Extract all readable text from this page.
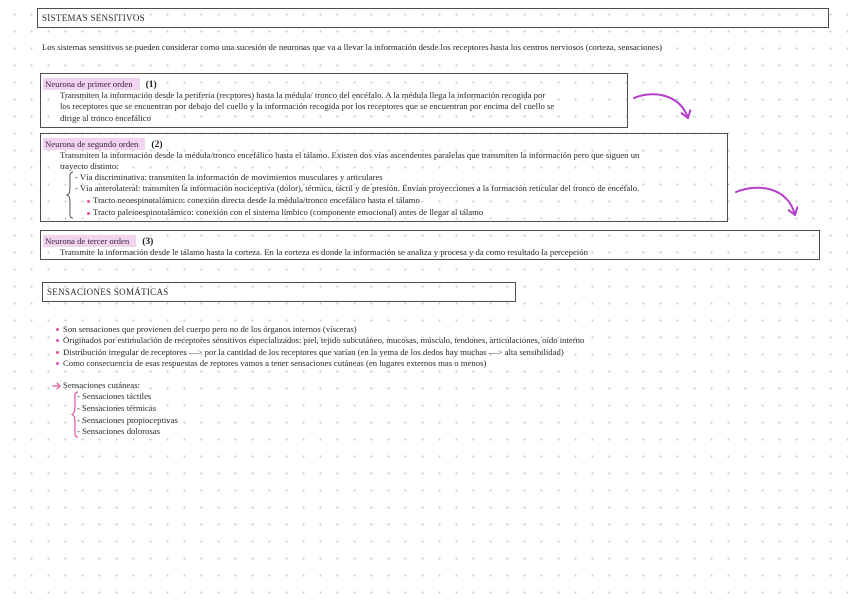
SISTEMAS SENSITIVOS
Los sistemas sensitivos se pueden considerar como una sucesión de neuronas que va a llevar la información desde los receptores hasta los centros nerviosos (corteza, sensaciones)
Neurona de primer orden (1)
Transmiten la información desde la periferia (recptores) hasta la médula/ tronco del encéfalo. A la médula llega la información recogida por
los receptores que se encuentran por debajo del cuello y la información recogida por los receptores que se encuentran por encima del cuello se
dirige al tronco encefálico
Neurona de segundo orden (2)
Transmiten la información desde la médula/tronco encefálico hasta el tálamo. Existen dos vías ascendentes paralelas que transmiten la información pero que siguen un
trayecto distinto:
- Vía discriminativa: transmiten la información de movimientos musculares y articulares
- Vía anterolateral: transmiten la información nociceptiva (dolor), térmica, táctil y de presión. Envían proyecciones a la formación reticular del tronco de encéfalo.
Tracto neoespinotalámico: conexión directa desde la médula/tronco encefálico hasta el tálamo
Tracto paleioespinotalámico: conexión con el sistema límbico (componente emocional) antes de llegar al tálamo
Neurona de tercer orden (3)
Transmite la información desde le tálamo hasta la corteza. En la corteza es donde la información se analiza y procesa y da como resultado la percepción
SENSACIONES SOMÁTICAS
Son sensaciones que provienen del cuerpo pero no de los órganos internos (vísceras)
Originados por estimulación de receptores sensitivos especializados: piel, tejido subcutáneo, mucosas, músculo, tendones, articulaciones, oído interno
Distribución irregular de receptores —> por la cantidad de los receptores que varían (en la yema de los dedos hay muchas —> alta sensibilidad)
Como consecuencia de esas respuestas de reptores vamos a tener sensaciones cutáneas (en lugares externos mas o menos)
Sensaciones cutáneas:
- Sensaciones táctiles
- Sensaciones térmicas
- Sensaciones propioceptivas
- Sensaciones dolorosas
